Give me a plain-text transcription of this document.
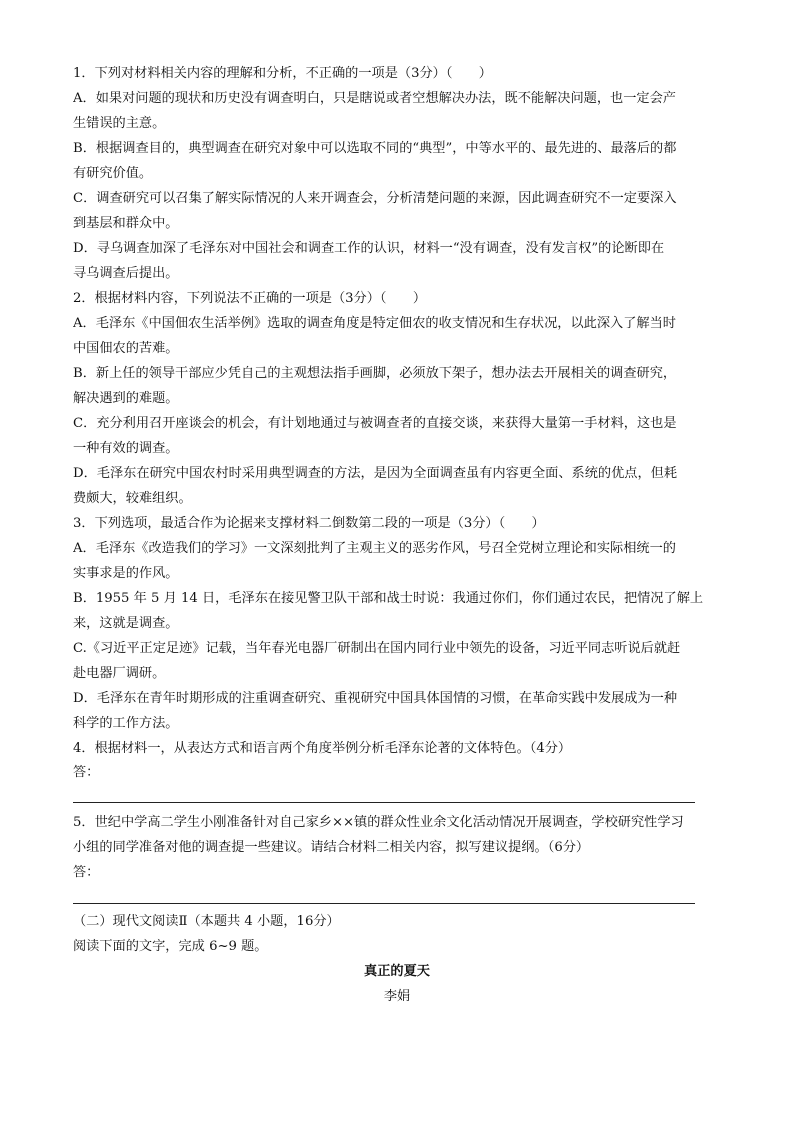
1．下列对材料相关内容的理解和分析，不正确的一项是（3分）（　　）
A．如果对问题的现状和历史没有调查明白，只是瞎说或者空想解决办法，既不能解决问题，也一定会产
生错误的主意。
B．根据调查目的，典型调查在研究对象中可以选取不同的“典型”，中等水平的、最先进的、最落后的都
有研究价值。
C．调查研究可以召集了解实际情况的人来开调查会，分析清楚问题的来源，因此调查研究不一定要深入
到基层和群众中。
D．寻乌调查加深了毛泽东对中国社会和调查工作的认识，材料一“没有调查，没有发言权”的论断即在
寻乌调查后提出。
2．根据材料内容，下列说法不正确的一项是（3分）（　　）
A．毛泽东《中国佃农生活举例》选取的调查角度是特定佃农的收支情况和生存状况，以此深入了解当时
中国佃农的苦难。
B．新上任的领导干部应少凭自己的主观想法指手画脚，必须放下架子，想办法去开展相关的调查研究，
解决遇到的难题。
C．充分利用召开座谈会的机会，有计划地通过与被调查者的直接交谈，来获得大量第一手材料，这也是
一种有效的调查。
D．毛泽东在研究中国农村时采用典型调查的方法，是因为全面调查虽有内容更全面、系统的优点，但耗
费颇大，较难组织。
3．下列选项，最适合作为论据来支撑材料二倒数第二段的一项是（3分）（　　）
A．毛泽东《改造我们的学习》一文深刻批判了主观主义的恶劣作风，号召全党树立理论和实际相统一的
实事求是的作风。
B．1955 年 5 月 14 日，毛泽东在接见警卫队干部和战士时说：我通过你们，你们通过农民，把情况了解上
来，这就是调查。
C.《习近平正定足迹》记载，当年春光电器厂研制出在国内同行业中领先的设备，习近平同志听说后就赶
赴电器厂调研。
D．毛泽东在青年时期形成的注重调查研究、重视研究中国具体国情的习惯，在革命实践中发展成为一种
科学的工作方法。
4．根据材料一，从表达方式和语言两个角度举例分析毛泽东论著的文体特色。（4分）
答：
5．世纪中学高二学生小刚准备针对自己家乡××镇的群众性业余文化活动情况开展调查，学校研究性学习
小组的同学准备对他的调查提一些建议。请结合材料二相关内容，拟写建议提纲。（6分）
答：
（二）现代文阅读Ⅱ（本题共 4 小题，16分）
阅读下面的文字，完成 6~9 题。
真正的夏天
李娟
